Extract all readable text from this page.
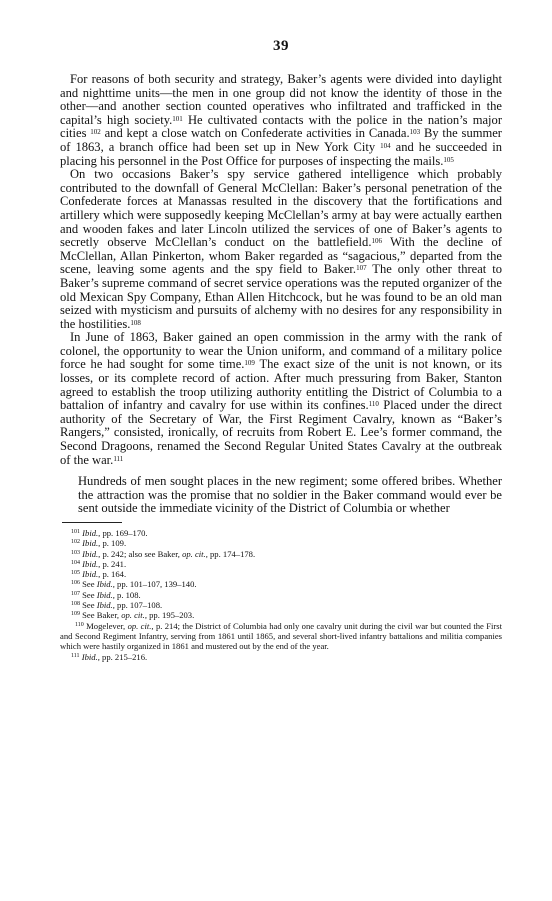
39

For reasons of both security and strategy, Baker’s agents were divided into daylight and nighttime units—the men in one group did not know the identity of those in the other—and another section counted operatives who infiltrated and trafficked in the capital’s high society.$^{101}$ He cultivated contacts with the police in the nation’s major cities $^{102}$ and kept a close watch on Confederate activities in Canada.$^{103}$ By the summer of 1863, a branch office had been set up in New York City $^{104}$ and he succeeded in placing his personnel in the Post Office for purposes of inspecting the mails.$^{105}$

On two occasions Baker’s spy service gathered intelligence which probably contributed to the downfall of General McClellan: Baker’s personal penetration of the Confederate forces at Manassas resulted in the discovery that the fortifications and artillery which were supposedly keeping McClellan’s army at bay were actually earthen and wooden fakes and later Lincoln utilized the services of one of Baker’s agents to secretly observe McClellan’s conduct on the battlefield.$^{106}$ With the decline of McClellan, Allan Pinkerton, whom Baker regarded as “sagacious,” departed from the scene, leaving some agents and the spy field to Baker.$^{107}$ The only other threat to Baker’s supreme command of secret service operations was the reputed organizer of the old Mexican Spy Company, Ethan Allen Hitchcock, but he was found to be an old man seized with mysticism and pursuits of alchemy with no desires for any responsibility in the hostilities.$^{108}$

In June of 1863, Baker gained an open commission in the army with the rank of colonel, the opportunity to wear the Union uniform, and command of a military police force he had sought for some time.$^{109}$ The exact size of the unit is not known, or its losses, or its complete record of action. After much pressuring from Baker, Stanton agreed to establish the troop utilizing authority entitling the District of Columbia to a battalion of infantry and cavalry for use within its confines.$^{110}$ Placed under the direct authority of the Secretary of War, the First Regiment Cavalry, known as “Baker’s Rangers,” consisted, ironically, of recruits from Robert E. Lee’s former command, the Second Dragoons, renamed the Second Regular United States Cavalry at the outbreak of the war.$^{111}$

Hundreds of men sought places in the new regiment; some offered bribes. Whether the attraction was the promise that no soldier in the Baker command would ever be sent outside the immediate vicinity of the District of Columbia or whether

$^{101}$ Ibid., pp. 169–170.

$^{102}$ Ibid., p. 109.

$^{103}$ Ibid., p. 242; also see Baker, op. cit., pp. 174–178.

$^{104}$ Ibid., p. 241.

$^{105}$ Ibid., p. 164.

$^{106}$ See Ibid., pp. 101–107, 139–140.

$^{107}$ See Ibid., p. 108.

$^{108}$ See Ibid., pp. 107–108.

$^{109}$ See Baker, op. cit., pp. 195–203.

$^{110}$ Mogelever, op. cit., p. 214; the District of Columbia had only one cavalry unit during the civil war but counted the First and Second Regiment Infantry, serving from 1861 until 1865, and several short-lived infantry battalions and militia companies which were hastily organized in 1861 and mustered out by the end of the year.

$^{111}$ Ibid., pp. 215–216.
